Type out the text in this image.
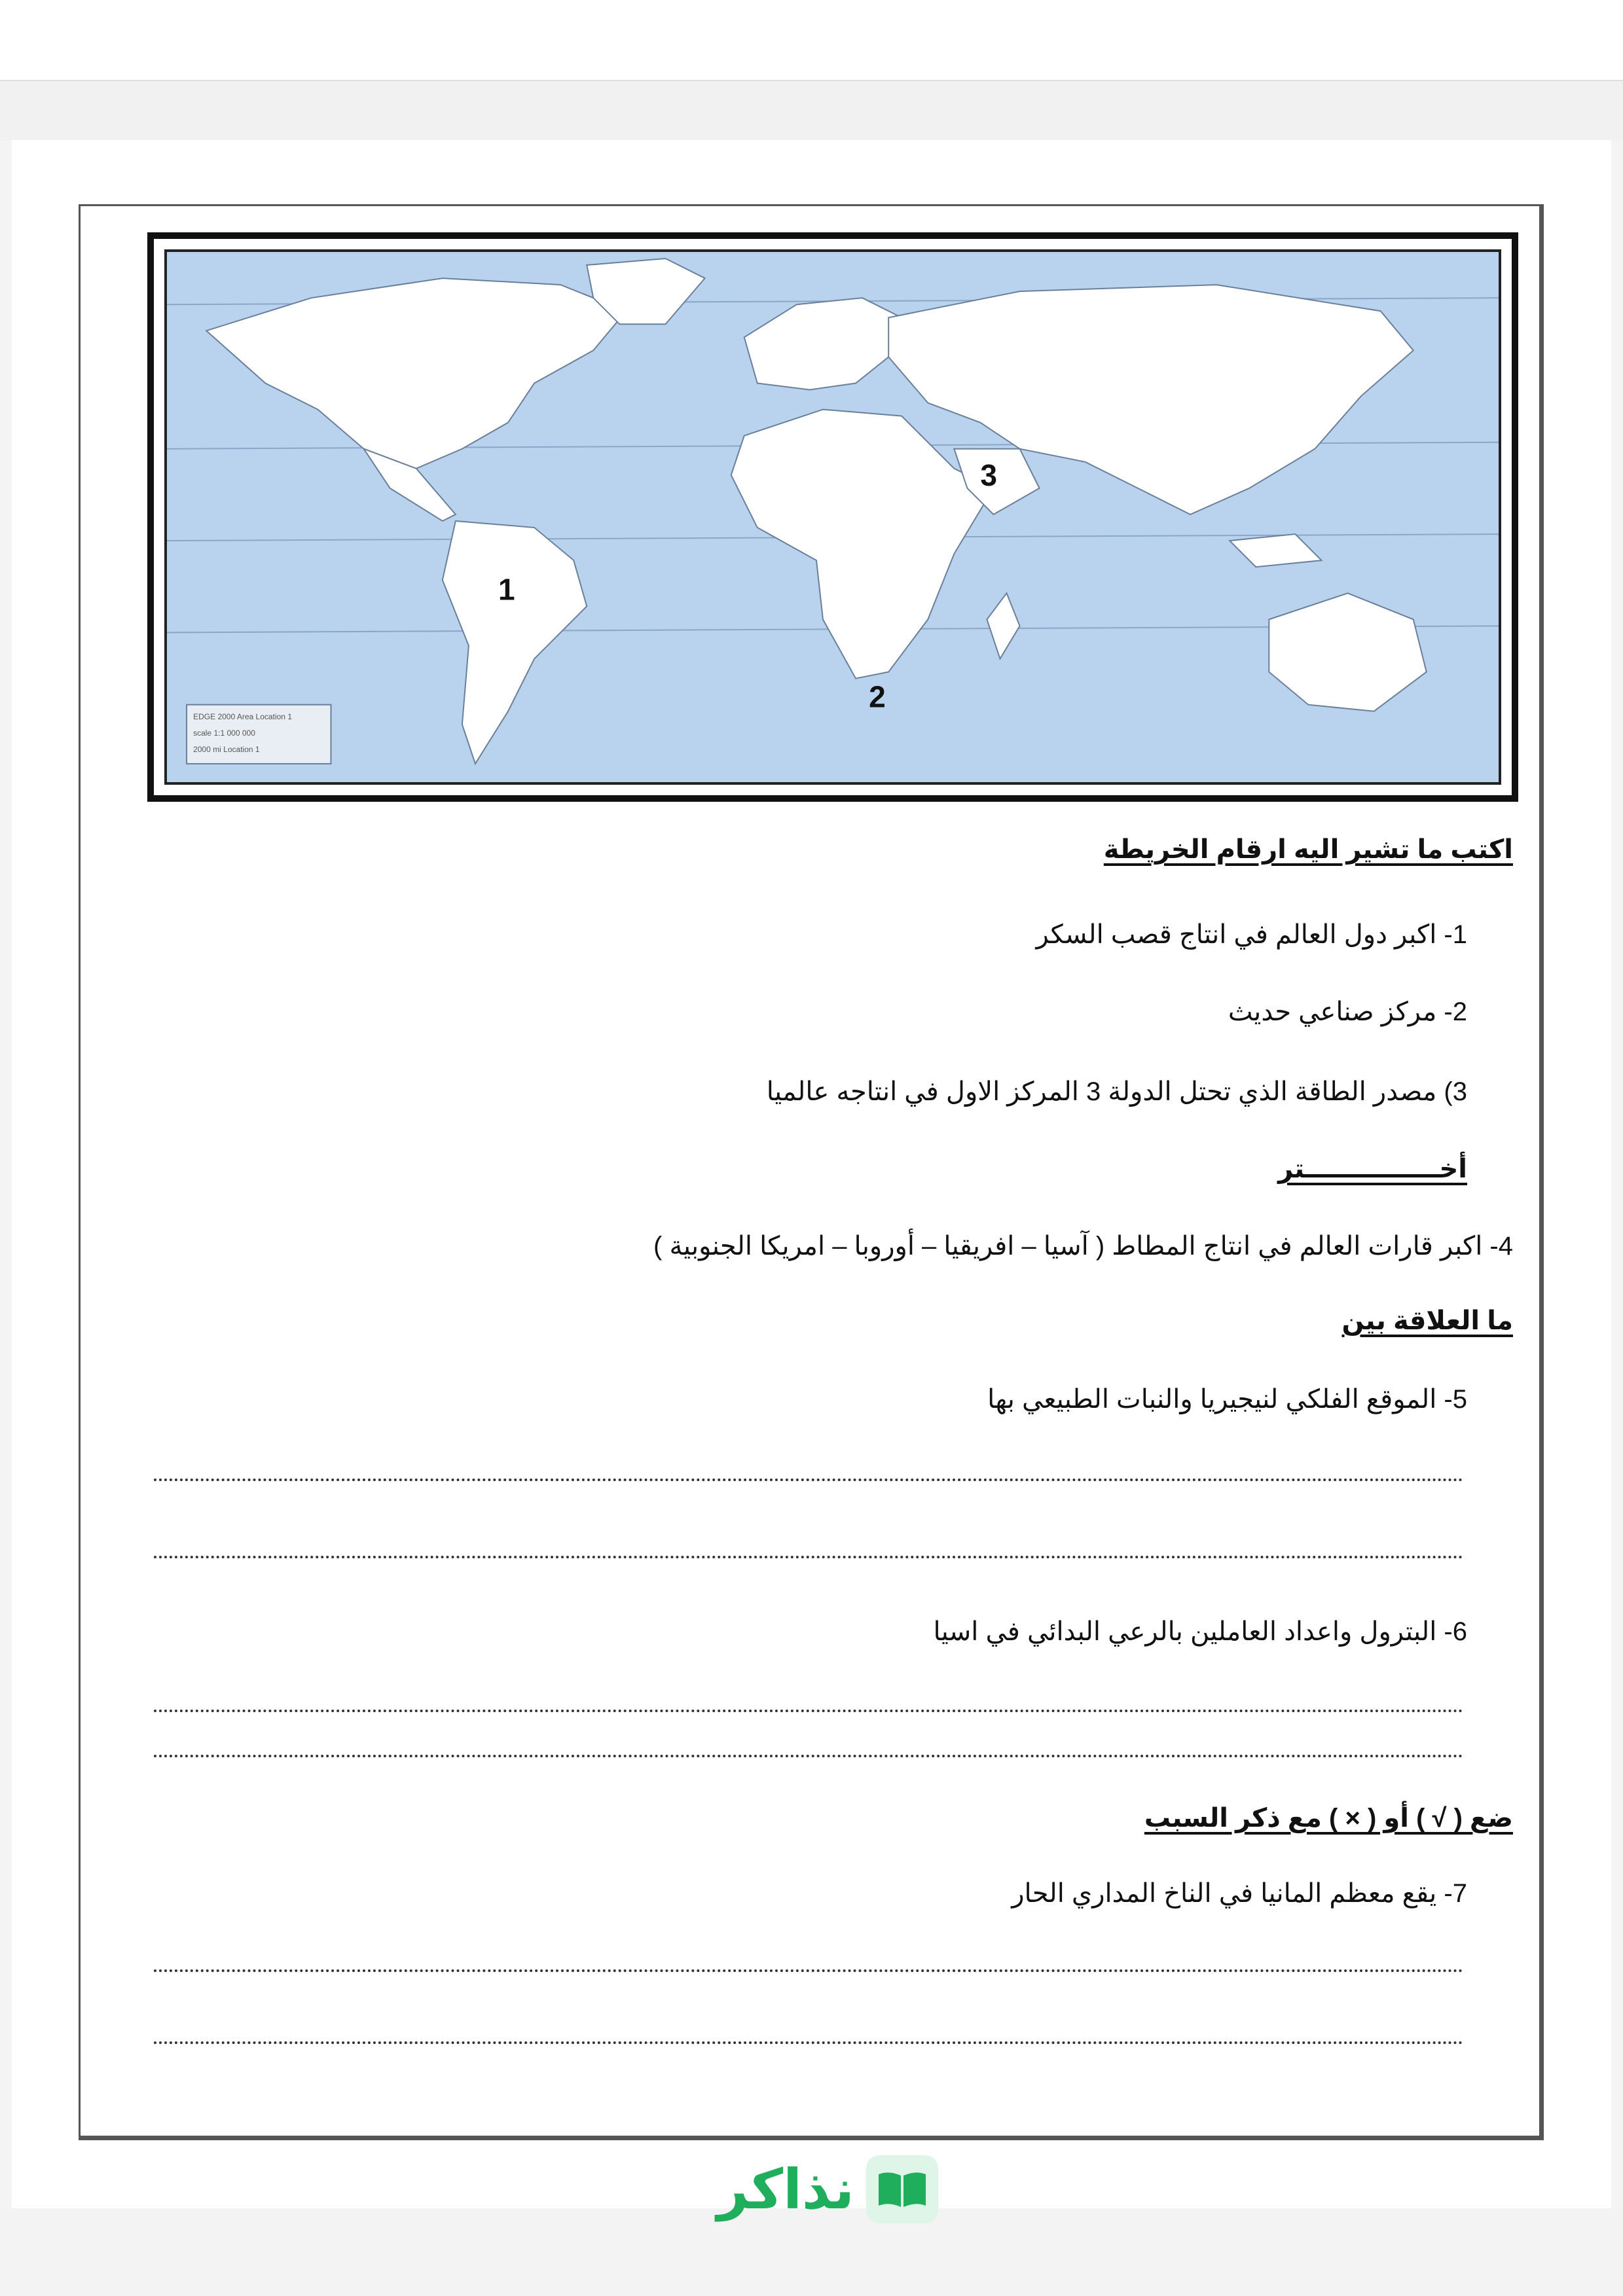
EDGE 2000 Area Location 1
scale 1:1 000 000
2000 mi Location 1
1
2
3
اكتب ما تشير اليه ارقام الخريطة
1- اكبر دول العالم في انتاج قصب السكر
2- مركز صناعي حديث
3) مصدر الطاقة الذي تحتل الدولة 3 المركز الاول في انتاجه عالميا
أخـــــــــــــــتر
4- اكبر قارات العالم في انتاج المطاط ( آسيا – افريقيا – أوروبا – امريكا الجنوبية )
ما العلاقة بين
5- الموقع الفلكي لنيجيريا والنبات الطبيعي بها
6- البترول واعداد العاملين بالرعي البدائي في اسيا
ضع ( √ ) أو ( × ) مع ذكر السبب
7- يقع معظم المانيا في الناخ المداري الحار
نذاكر
